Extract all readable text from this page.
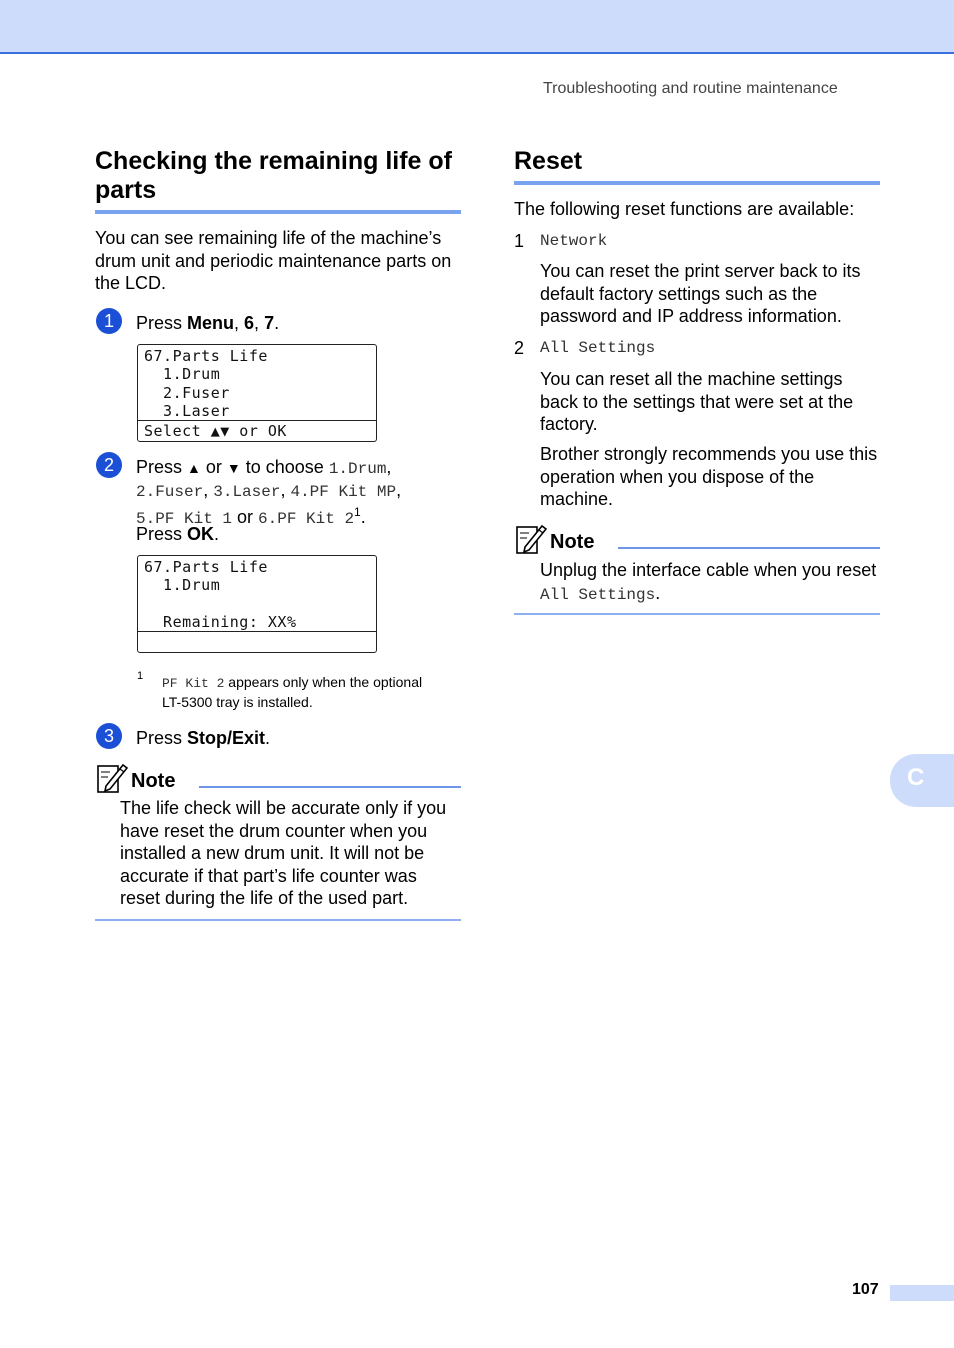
Troubleshooting and routine maintenance
Checking the remaining life of
parts
You can see remaining life of the machine’s
drum unit and periodic maintenance parts on
the LCD.
1	Press Menu, 6, 7.
67.Parts Life
1.Drum
2.Fuser
3.Laser
Select ▲▼ or OK
2	Press ▲ or ▼ to choose 1.Drum,
2.Fuser, 3.Laser, 4.PF Kit MP,
5.PF Kit 1 or 6.PF Kit $2^1$.
Press OK.
67.Parts Life
1.Drum
Remaining: XX%
1 PF Kit 2 appears only when the optional
LT-5300 tray is installed.
3	Press Stop/Exit.
Note
The life check will be accurate only if you
have reset the drum counter when you
installed a new drum unit. It will not be
accurate if that part’s life counter was
reset during the life of the used part.
Reset
The following reset functions are available:
1 Network
You can reset the print server back to its
default factory settings such as the
password and IP address information.
2 All Settings
You can reset all the machine settings
back to the settings that were set at the
factory.
Brother strongly recommends you use this
operation when you dispose of the
machine.
Note
Unplug the interface cable when you reset
All Settings.
C
107
